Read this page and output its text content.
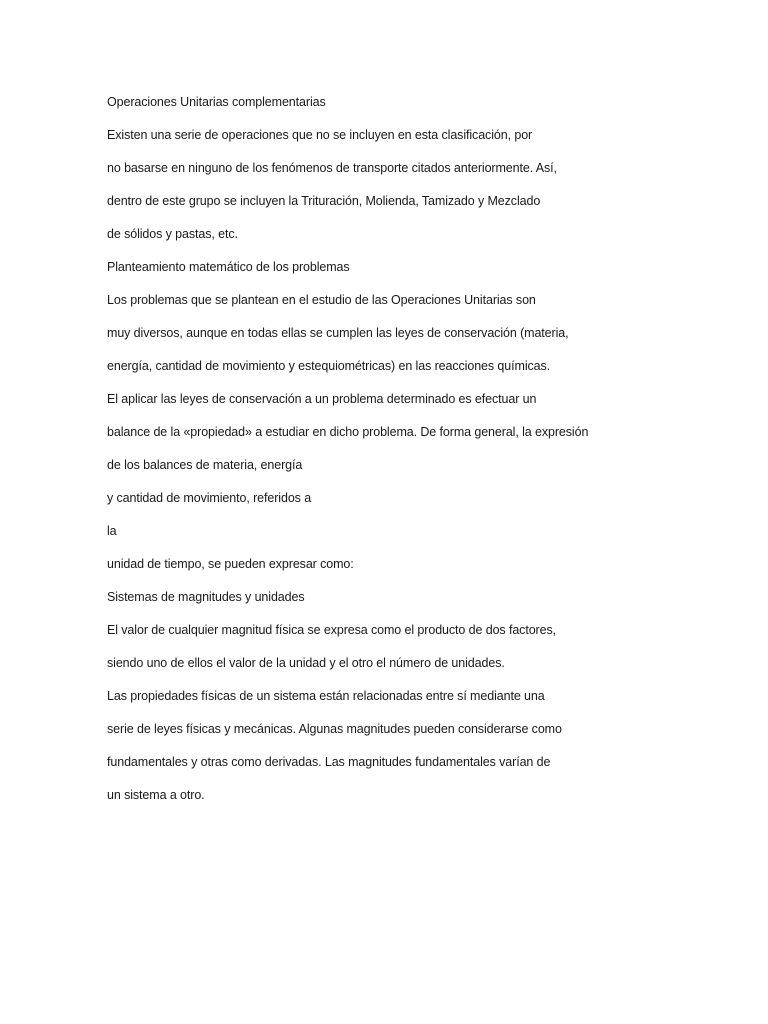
Operaciones Unitarias complementarias
Existen una serie de operaciones que no se incluyen en esta clasificación, por
no basarse en ninguno de los fenómenos de transporte citados anteriormente. Así,
dentro de este grupo se incluyen la Trituración, Molienda, Tamizado y Mezclado
de sólidos y pastas, etc.
Planteamiento matemático de los problemas
Los problemas que se plantean en el estudio de las Operaciones Unitarias son
muy diversos, aunque en todas ellas se cumplen las leyes de conservación (materia,
energía, cantidad de movimiento y estequiométricas) en las reacciones químicas.
El aplicar las leyes de conservación a un problema determinado es efectuar un
balance de la «propiedad» a estudiar en dicho problema. De forma general, la expresión
de los balances de materia, energía
y cantidad de movimiento, referidos a
la
unidad de tiempo, se pueden expresar como:
Sistemas de magnitudes y unidades
El valor de cualquier magnitud física se expresa como el producto de dos factores,
siendo uno de ellos el valor de la unidad y el otro el número de unidades.
Las propiedades físicas de un sistema están relacionadas entre sí mediante una
serie de leyes físicas y mecánicas. Algunas magnitudes pueden considerarse como
fundamentales y otras como derivadas. Las magnitudes fundamentales varían de
un sistema a otro.
